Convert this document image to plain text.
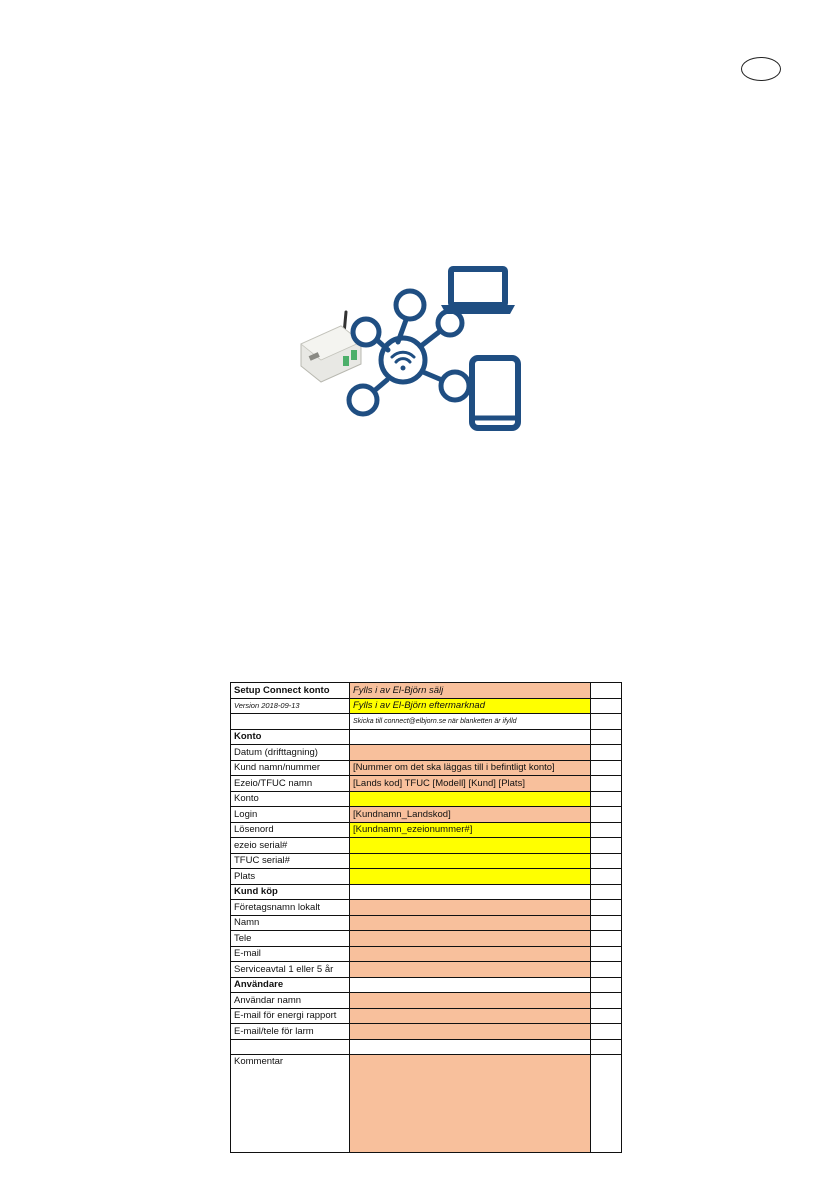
Setup Connect konto	Fylls i av El-Björn sälj	
Version 2018-09-13	Fylls i av El-Björn eftermarknad	
	Skicka till connect@elbjorn.se när blanketten är ifylld	
Konto		
Datum (drifttagning)		
Kund namn/nummer	[Nummer om det ska läggas till i befintligt konto]	
Ezeio/TFUC namn	[Lands kod] TFUC [Modell] [Kund] [Plats]	
Konto		
Login	[Kundnamn_Landskod]	
Lösenord	[Kundnamn_ezeionummer#]	
ezeio serial#		
TFUC serial#		
Plats		
Kund köp		
Företagsnamn lokalt		
Namn		
Tele		
E-mail		
Serviceavtal 1 eller 5 år		
Användare		
Användar namn		
E-mail för energi rapport		
E-mail/tele för larm		

Kommentar		
